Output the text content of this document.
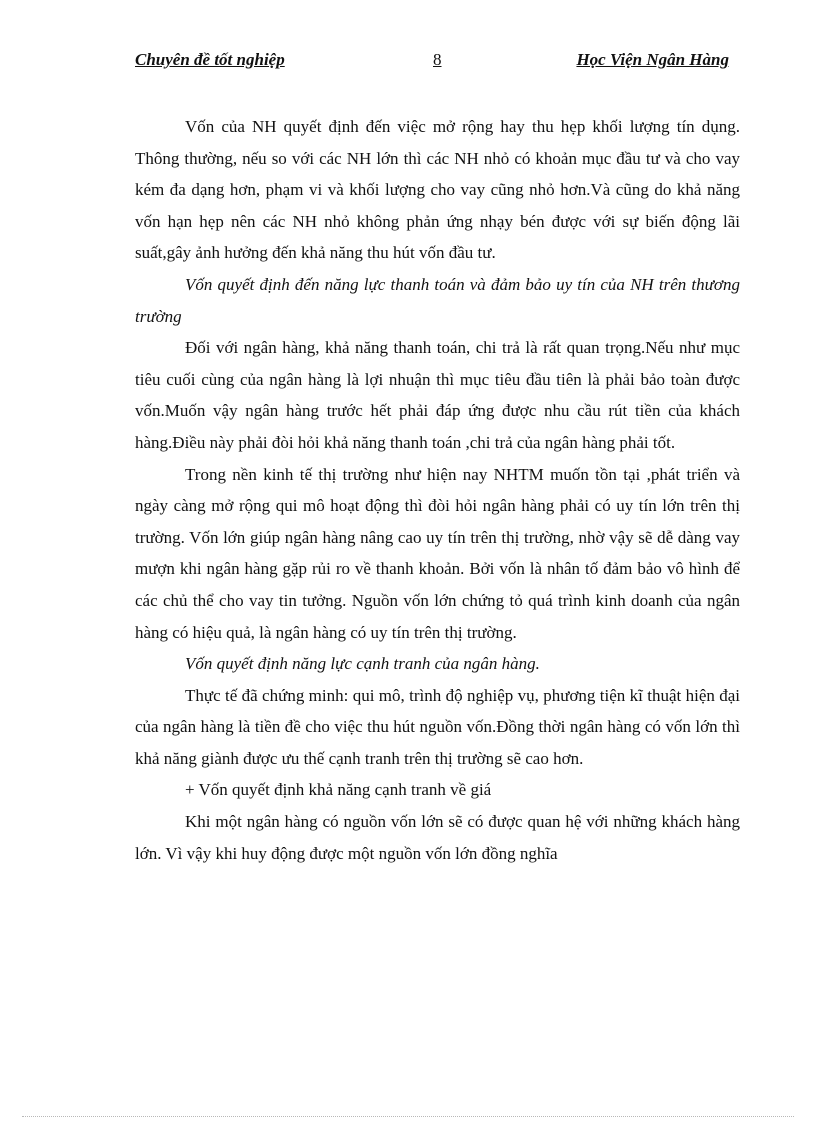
Chuyên đề tốt nghiệp	8	Học Viện Ngân Hàng

Vốn của NH quyết định đến việc mở rộng hay thu hẹp khối lượng tín dụng. Thông thường, nếu so với các NH lớn thì các NH nhỏ có khoản mục đầu tư và cho vay kém đa dạng hơn, phạm vi và khối lượng cho vay cũng nhỏ hơn.Và cũng do khả năng vốn hạn hẹp nên các NH nhỏ không phản ứng nhạy bén được với sự biến động lãi suất,gây ảnh hưởng đến khả năng thu hút vốn đầu tư.

Vốn quyết định đến năng lực thanh toán và đảm bảo uy tín của NH trên thương trường

Đối với ngân hàng, khả năng thanh toán, chi trả là rất quan trọng.Nếu như mục tiêu cuối cùng của ngân hàng là lợi nhuận thì mục tiêu đầu tiên là phải bảo toàn được vốn.Muốn vậy ngân hàng trước hết phải đáp ứng được nhu cầu rút tiền của khách hàng.Điều này phải đòi hỏi khả năng thanh toán ,chi trả của ngân hàng phải tốt.

Trong nền kinh tế thị trường như hiện nay NHTM muốn tồn tại ,phát triển và ngày càng mở rộng qui mô hoạt động thì đòi hỏi ngân hàng phải có uy tín lớn trên thị trường. Vốn lớn giúp ngân hàng nâng cao uy tín trên thị trường, nhờ vậy sẽ dễ dàng vay mượn khi ngân hàng gặp rủi ro về thanh khoản. Bởi vốn là nhân tố đảm bảo vô hình để các chủ thể cho vay tin tưởng. Nguồn vốn lớn chứng tỏ quá trình kinh doanh của ngân hàng có hiệu quả, là ngân hàng có uy tín trên thị trường.

Vốn quyết định năng lực cạnh tranh của ngân hàng.

Thực tế đã chứng minh: qui mô, trình độ nghiệp vụ, phương tiện kĩ thuật hiện đại của ngân hàng là tiền đề cho việc thu hút nguồn vốn.Đồng thời ngân hàng có vốn lớn thì khả năng giành được ưu thế cạnh tranh trên thị trường sẽ cao hơn.

+ Vốn quyết định khả năng cạnh tranh về giá

Khi một ngân hàng có nguồn vốn lớn sẽ có được quan hệ với những khách hàng lớn. Vì vậy khi huy động được một nguồn vốn lớn đồng nghĩa
